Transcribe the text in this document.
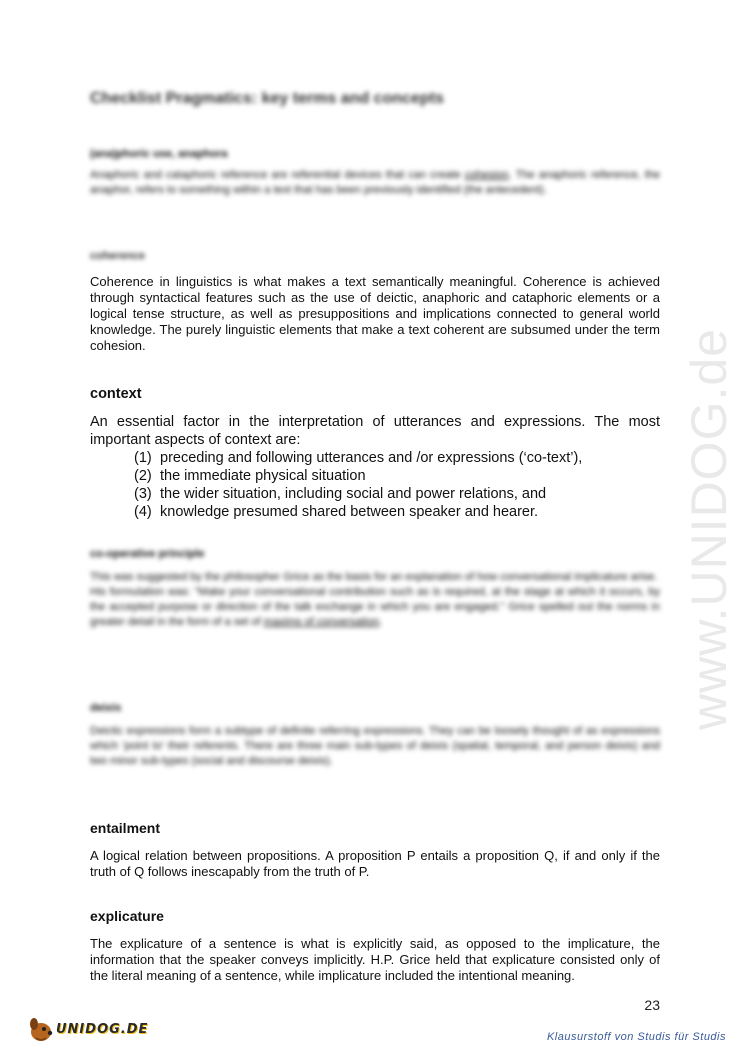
www.UNIDOG.de
Checklist Pragmatics: key terms and concepts

(ana)phoric use, anaphora

Anaphoric and cataphoric reference are referential devices that can create cohesion. The anaphoric reference, the anaphor, refers to something within a text that has been previously identified (the antecedent).

coherence

Coherence in linguistics is what makes a text semantically meaningful. Coherence is achieved through syntactical features such as the use of deictic, anaphoric and cataphoric elements or a logical tense structure, as well as presuppositions and implications connected to general world knowledge. The purely linguistic elements that make a text coherent are subsumed under the term cohesion.

context

An essential factor in the interpretation of utterances and expressions. The most important aspects of context are:

(1) preceding and following utterances and /or expressions (‘co-text’),
(2) the immediate physical situation
(3) the wider situation, including social and power relations, and
(4) knowledge presumed shared between speaker and hearer.

co-operative principle

This was suggested by the philosopher Grice as the basis for an explanation of how conversational implicature arise.

His formulation was: "Make your conversational contribution such as is required, at the stage at which it occurs, by the accepted purpose or direction of the talk exchange in which you are engaged." Grice spelled out the norms in greater detail in the form of a set of maxims of conversation.

deixis

Deictic expressions form a subtype of definite referring expressions. They can be loosely thought of as expressions which 'point to' their referents. There are three main sub-types of deixis (spatial, temporal, and person deixis) and two minor sub-types (social and discourse deixis).

entailment

A logical relation between propositions. A proposition P entails a proposition Q, if and only if the truth of Q follows inescapably from the truth of P.

explicature

The explicature of a sentence is what is explicitly said, as opposed to the implicature, the information that the speaker conveys implicitly. H.P. Grice held that explicature consisted only of the literal meaning of a sentence, while implicature included the intentional meaning.

23
UNIDOG.DE
Klausurstoff von Studis für Studis
